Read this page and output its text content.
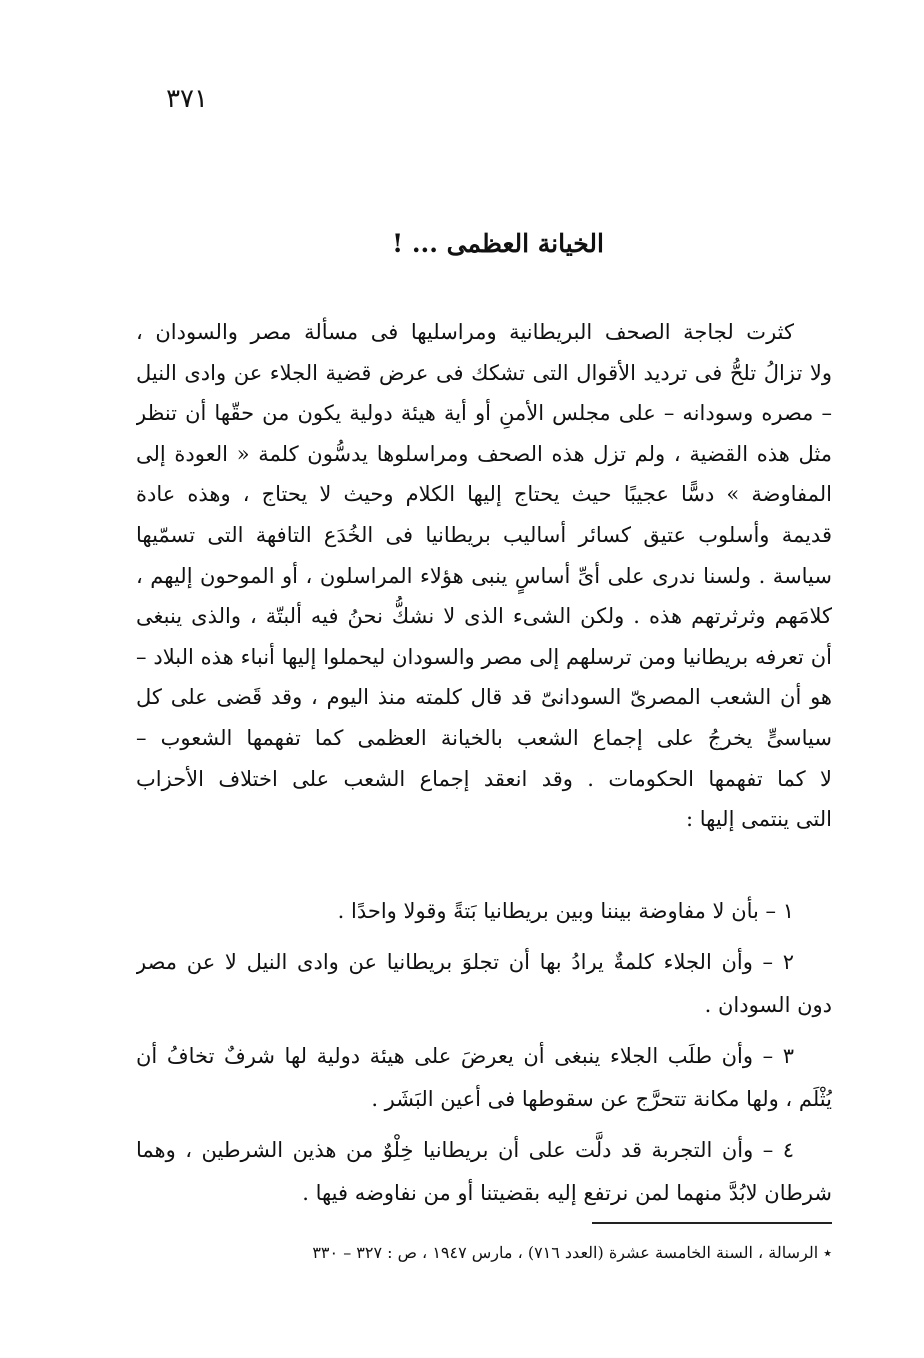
٣٧١

الخيانة العظمى ... !
كثرت لجاجة الصحف البريطانية ومراسليها فى مسألة مصر والسودان ،
ولا تزالُ تلحُّ فى ترديد الأقوال التى تشكك فى عرض قضية الجلاء عن وادى النيل
– مصره وسودانه – على مجلس الأمنِ أو أية هيئة دولية يكون من حقّها أن تنظر
مثل هذه القضية ، ولم تزل هذه الصحف ومراسلوها يدسُّون كلمة « العودة إلى
المفاوضة » دسًّا عجيبًا حيث يحتاج إليها الكلام وحيث لا يحتاج ، وهذه عادة
قديمة وأسلوب عتيق كسائر أساليب بريطانيا فى الخُدَع التافهة التى تسمّيها
سياسة . ولسنا ندرى على أىِّ أساسٍ ينبى هؤلاء المراسلون ، أو الموحون إليهم ،
كلامَهم وثرثرتهم هذه . ولكن الشىء الذى لا نشكُّ نحنُ فيه ألبتّة ، والذى ينبغى
أن تعرفه بريطانيا ومن ترسلهم إلى مصر والسودان ليحملوا إليها أنباء هذه البلاد –
هو أن الشعب المصرىّ السودانىّ قد قال كلمته منذ اليوم ، وقد قَضى على كل
سياسىٍّ يخرجُ على إجماع الشعب بالخيانة العظمى كما تفهمها الشعوب –
لا كما تفهمها الحكومات . وقد انعقد إجماع الشعب على اختلاف الأحزاب
التى ينتمى إليها :
١ – بأن لا مفاوضة بيننا وبين بريطانيا بَتةً وقولا واحدًا .
٢ – وأن الجلاء كلمةٌ يرادُ بها أن تجلوَ بريطانيا عن وادى النيل لا عن مصر
دون السودان .
٣ – وأن طلَب الجلاء ينبغى أن يعرضَ على هيئة دولية لها شرفٌ تخافُ أن
يُثْلَم ، ولها مكانة تتحرَّج عن سقوطها فى أعين البَشَر .
٤ – وأن التجربة قد دلَّت على أن بريطانيا خِلْوٌ من هذين الشرطين ، وهما
شرطان لابُدَّ منهما لمن نرتفع إليه بقضيتنا أو من نفاوضه فيها .

٭ الرسالة ، السنة الخامسة عشرة (العدد ٧١٦) ، مارس ١٩٤٧ ، ص : ٣٢٧ – ٣٣٠
